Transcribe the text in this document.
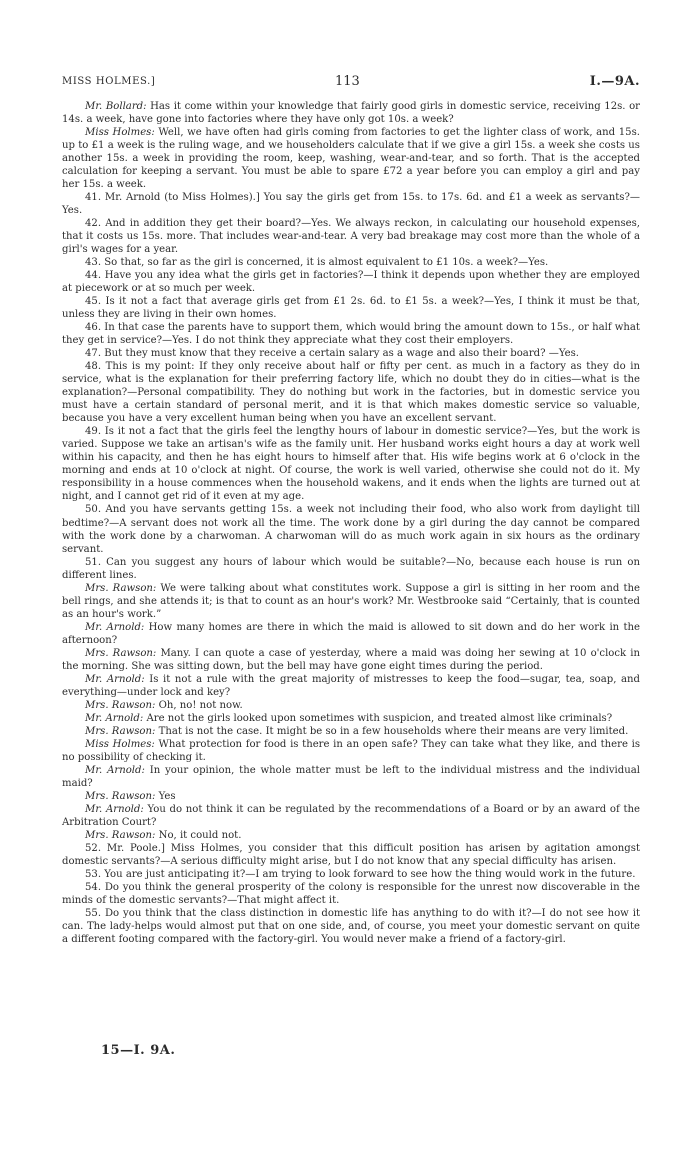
MISS HOLMES.]	113	I.—9A.

Mr. Bollard: Has it come within your knowledge that fairly good girls in domestic service, receiving 12s. or 14s. a week, have gone into factories where they have only got 10s. a week?

Miss Holmes: Well, we have often had girls coming from factories to get the lighter class of work, and 15s. up to £1 a week is the ruling wage, and we householders calculate that if we give a girl 15s. a week she costs us another 15s. a week in providing the room, keep, washing, wear-and-tear, and so forth. That is the accepted calculation for keeping a servant. You must be able to spare £72 a year before you can employ a girl and pay her 15s. a week.

41. Mr. Arnold (to Miss Holmes).] You say the girls get from 15s. to 17s. 6d. and £1 a week as servants?—Yes.

42. And in addition they get their board?—Yes. We always reckon, in calculating our household expenses, that it costs us 15s. more. That includes wear-and-tear. A very bad breakage may cost more than the whole of a girl's wages for a year.

43. So that, so far as the girl is concerned, it is almost equivalent to £1 10s. a week?—Yes.

44. Have you any idea what the girls get in factories?—I think it depends upon whether they are employed at piecework or at so much per week.

45. Is it not a fact that average girls get from £1 2s. 6d. to £1 5s. a week?—Yes, I think it must be that, unless they are living in their own homes.

46. In that case the parents have to support them, which would bring the amount down to 15s., or half what they get in service?—Yes. I do not think they appreciate what they cost their employers.

47. But they must know that they receive a certain salary as a wage and also their board? —Yes.

48. This is my point: If they only receive about half or fifty per cent. as much in a factory as they do in service, what is the explanation for their preferring factory life, which no doubt they do in cities—what is the explanation?—Personal compatibility. They do nothing but work in the factories, but in domestic service you must have a certain standard of personal merit, and it is that which makes domestic service so valuable, because you have a very excellent human being when you have an excellent servant.

49. Is it not a fact that the girls feel the lengthy hours of labour in domestic service?—Yes, but the work is varied. Suppose we take an artisan's wife as the family unit. Her husband works eight hours a day at work well within his capacity, and then he has eight hours to himself after that. His wife begins work at 6 o'clock in the morning and ends at 10 o'clock at night. Of course, the work is well varied, otherwise she could not do it. My responsibility in a house commences when the household wakens, and it ends when the lights are turned out at night, and I cannot get rid of it even at my age.

50. And you have servants getting 15s. a week not including their food, who also work from daylight till bedtime?—A servant does not work all the time. The work done by a girl during the day cannot be compared with the work done by a charwoman. A charwoman will do as much work again in six hours as the ordinary servant.

51. Can you suggest any hours of labour which would be suitable?—No, because each house is run on different lines.

Mrs. Rawson: We were talking about what constitutes work. Suppose a girl is sitting in her room and the bell rings, and she attends it; is that to count as an hour's work? Mr. Westbrooke said “Certainly, that is counted as an hour's work.”

Mr. Arnold: How many homes are there in which the maid is allowed to sit down and do her work in the afternoon?

Mrs. Rawson: Many. I can quote a case of yesterday, where a maid was doing her sewing at 10 o'clock in the morning. She was sitting down, but the bell may have gone eight times during the period.

Mr. Arnold: Is it not a rule with the great majority of mistresses to keep the food—sugar, tea, soap, and everything—under lock and key?

Mrs. Rawson: Oh, no! not now.

Mr. Arnold: Are not the girls looked upon sometimes with suspicion, and treated almost like criminals?

Mrs. Rawson: That is not the case. It might be so in a few households where their means are very limited.

Miss Holmes: What protection for food is there in an open safe? They can take what they like, and there is no possibility of checking it.

Mr. Arnold: In your opinion, the whole matter must be left to the individual mistress and the individual maid?

Mrs. Rawson: Yes

Mr. Arnold: You do not think it can be regulated by the recommendations of a Board or by an award of the Arbitration Court?

Mrs. Rawson: No, it could not.

52. Mr. Poole.] Miss Holmes, you consider that this difficult position has arisen by agitation amongst domestic servants?—A serious difficulty might arise, but I do not know that any special difficulty has arisen.

53. You are just anticipating it?—I am trying to look forward to see how the thing would work in the future.

54. Do you think the general prosperity of the colony is responsible for the unrest now discoverable in the minds of the domestic servants?—That might affect it.

55. Do you think that the class distinction in domestic life has anything to do with it?—I do not see how it can. The lady-helps would almost put that on one side, and, of course, you meet your domestic servant on quite a different footing compared with the factory-girl. You would never make a friend of a factory-girl.

15—I. 9A.
